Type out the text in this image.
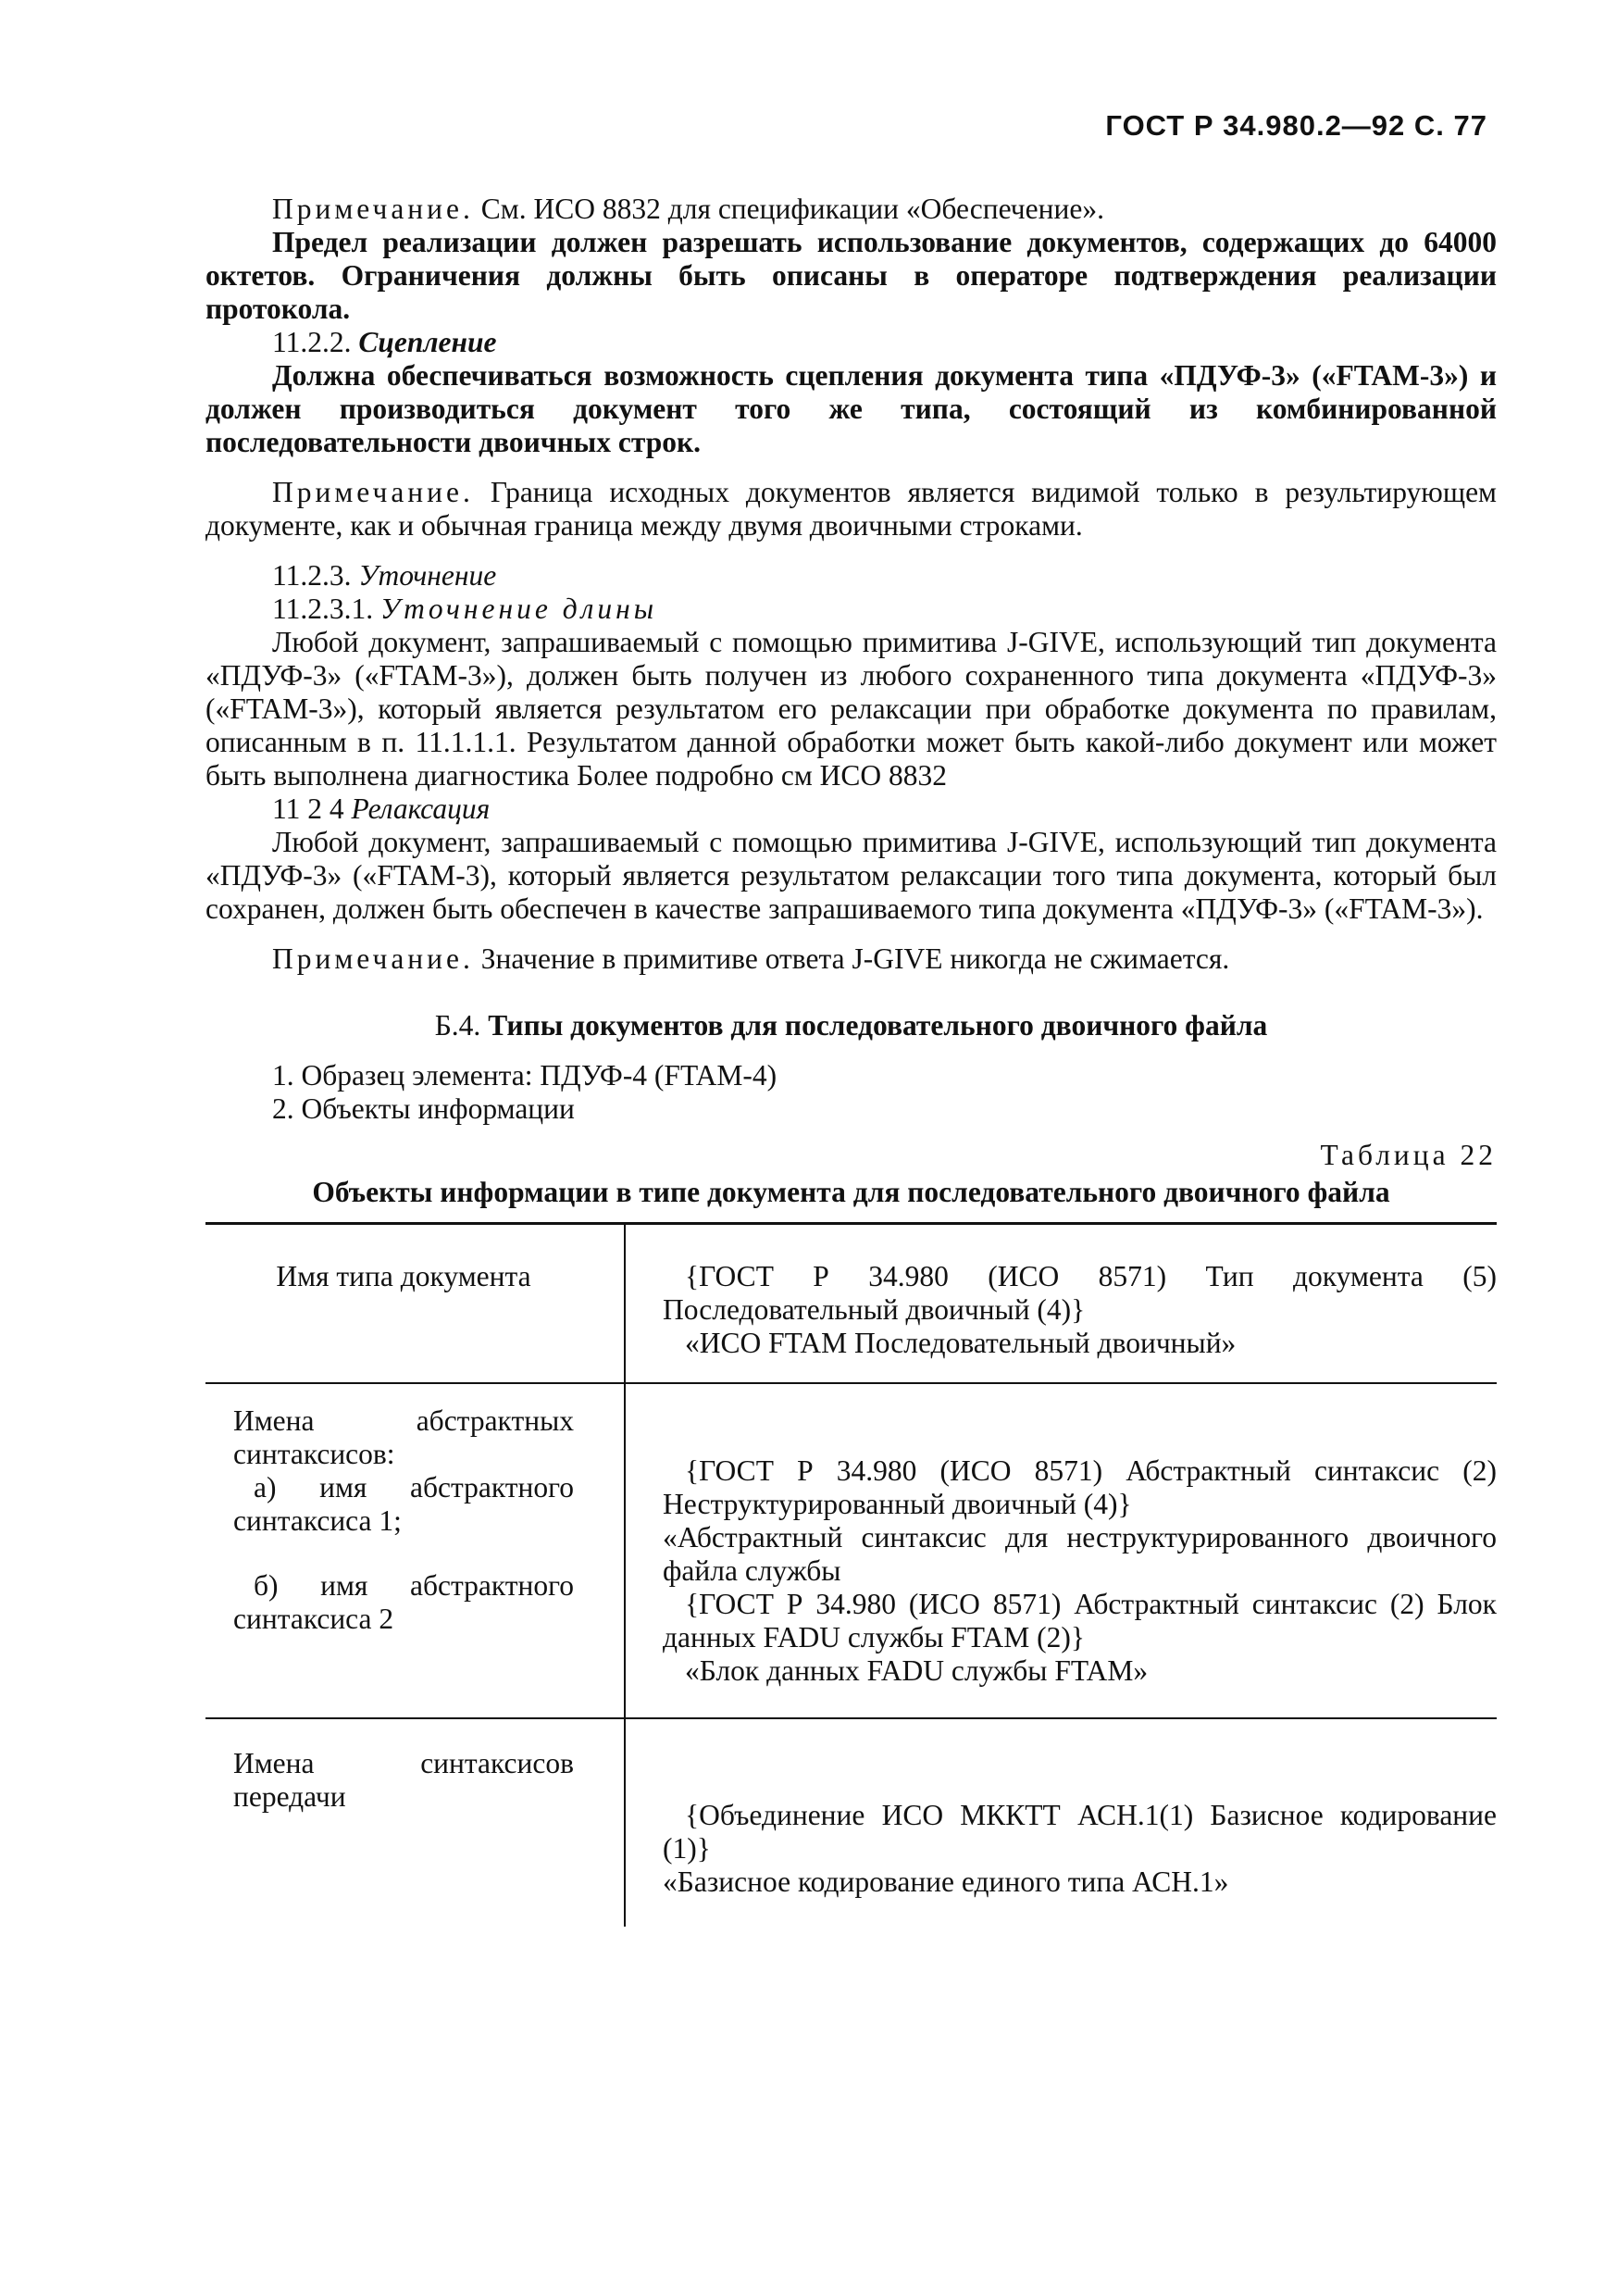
ГОСТ Р 34.980.2—92 С. 77

Примечание. См. ИСО 8832 для спецификации «Обеспечение».

Предел реализации должен разрешать использование документов, содержащих до 64000 октетов. Ограничения должны быть описаны в операторе подтверждения реализации протокола.

11.2.2. Сцепление

Должна обеспечиваться возможность сцепления документа типа «ПДУФ-3» («FTAM-3») и должен производиться документ того же типа, состоящий из комбинированной последовательности двоичных строк.

Примечание. Граница исходных документов является видимой только в результирующем документе, как и обычная граница между двумя двоичными строками.

11.2.3. Уточнение

11.2.3.1. Уточнение длины

Любой документ, запрашиваемый с помощью примитива J-GIVE, использующий тип документа «ПДУФ-3» («FTAM-3»), должен быть получен из любого сохраненного типа документа «ПДУФ-3» («FTAM-3»), который является результатом его релаксации при обработке документа по правилам, описанным в п. 11.1.1.1. Результатом данной обработки может быть какой-либо документ или может быть выполнена диагностика Более подробно см ИСО 8832

11 2 4 Релаксация

Любой документ, запрашиваемый с помощью примитива J-GIVE, использующий тип документа «ПДУФ-3» («FTAM-3), который является результатом релаксации того типа документа, который был сохранен, должен быть обеспечен в качестве запрашиваемого типа документа «ПДУФ-3» («FTAM-3»).

Примечание. Значение в примитиве ответа J-GIVE никогда не сжимается.

Б.4. Типы документов для последовательного двоичного файла

1. Образец элемента: ПДУФ-4 (FTAM-4)

2. Объекты информации

Таблица 22

Объекты информации в типе документа для последовательного двоичного файла

Имя типа документа	{ГОСТ Р 34.980 (ИСО 8571) Тип документа (5) Последовательный двоичный (4)}

«ИСО FTAM Последовательный двоичный»

Имена абстрактных синтаксисов:
а) имя абстрактного синтаксиса 1;
б) имя абстрактного синтаксиса 2

{ГОСТ Р 34.980 (ИСО 8571) Абстрактный синтаксис (2) Неструктурированный двоичный (4)}

«Абстрактный синтаксис для неструктурированного двоичного файла службы

{ГОСТ Р 34.980 (ИСО 8571) Абстрактный синтаксис (2) Блок данных FADU службы FTAM (2)}

«Блок данных FADU службы FTAM»

Имена синтаксисов передачи

{Объединение ИСО МККТТ АСН.1(1) Базисное кодирование (1)}

«Базисное кодирование единого типа АСН.1»
